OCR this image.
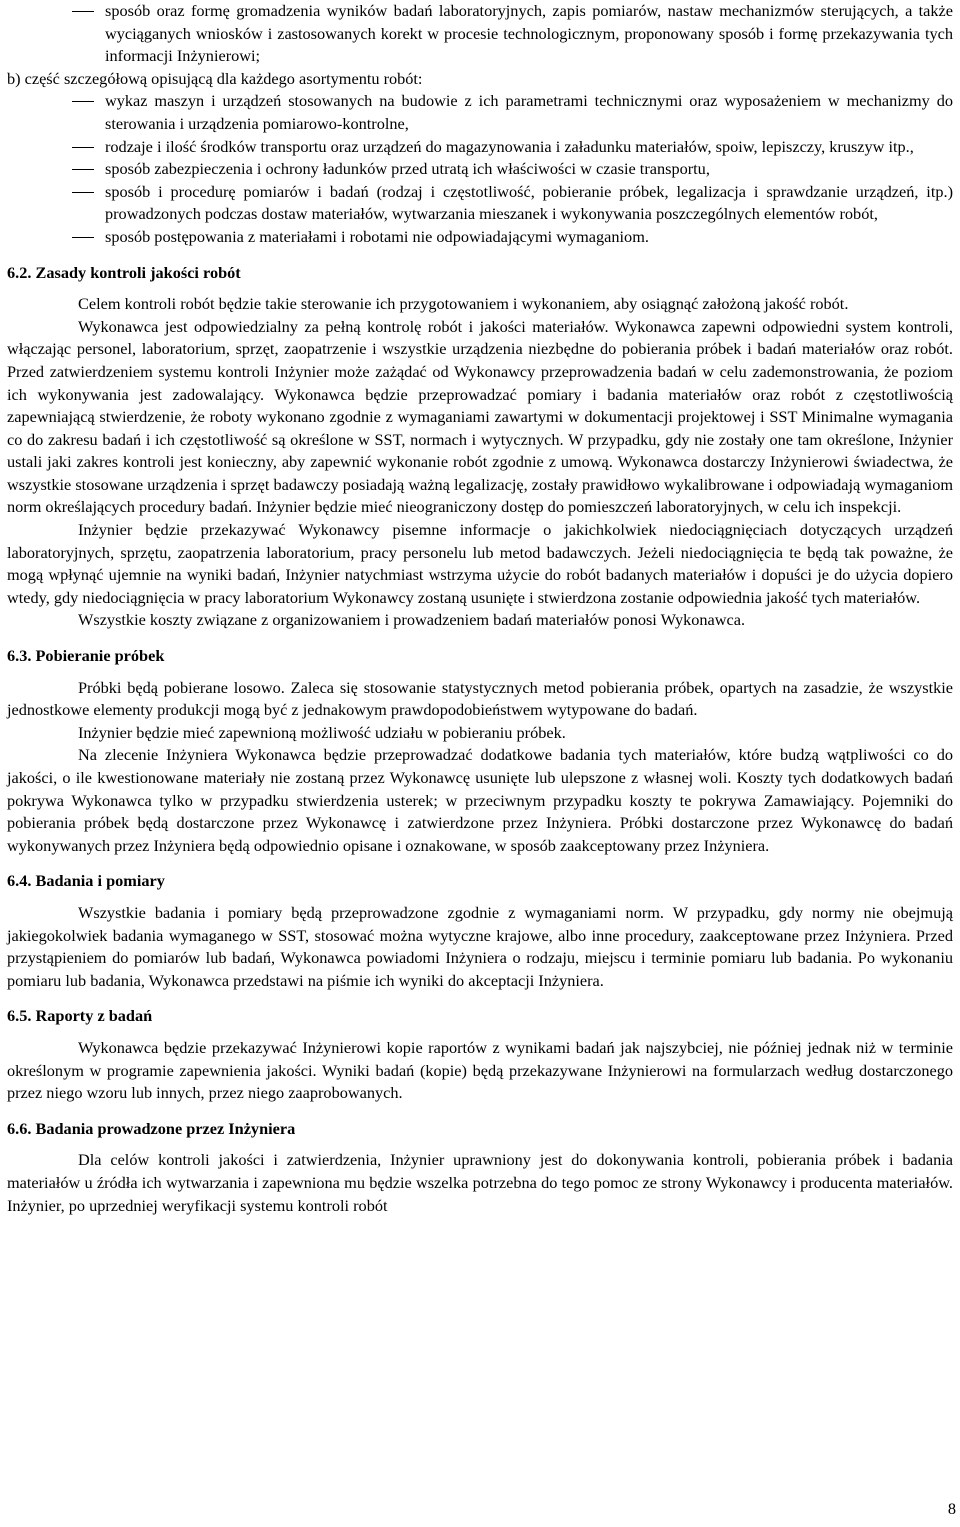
sposób oraz formę gromadzenia wyników badań laboratoryjnych, zapis pomiarów, nastaw mechanizmów sterujących, a także wyciąganych wniosków i zastosowanych korekt w procesie technologicznym, proponowany sposób i formę przekazywania tych informacji Inżynierowi;

b) część szczegółową opisującą dla każdego asortymentu robót:

wykaz maszyn i urządzeń stosowanych na budowie z ich parametrami technicznymi oraz wyposażeniem w mechanizmy do sterowania i urządzenia pomiarowo-kontrolne,
rodzaje i ilość środków transportu oraz urządzeń do magazynowania i załadunku materiałów, spoiw, lepiszczy, kruszyw itp.,
sposób zabezpieczenia i ochrony ładunków przed utratą ich właściwości w czasie transportu,
sposób i procedurę pomiarów i badań (rodzaj i częstotliwość, pobieranie próbek, legalizacja i sprawdzanie urządzeń, itp.) prowadzonych podczas dostaw materiałów, wytwarzania mieszanek i wykonywania poszczególnych elementów robót,
sposób postępowania z materiałami i robotami nie odpowiadającymi wymaganiom.
6.2. Zasady kontroli jakości robót

Celem kontroli robót będzie takie sterowanie ich przygotowaniem i wykonaniem, aby osiągnąć założoną jakość robót.

Wykonawca jest odpowiedzialny za pełną kontrolę robót i jakości materiałów. Wykonawca zapewni odpowiedni system kontroli, włączając personel, laboratorium, sprzęt, zaopatrzenie i wszystkie urządzenia niezbędne do pobierania próbek i badań materiałów oraz robót. Przed zatwierdzeniem systemu kontroli Inżynier może zażądać od Wykonawcy przeprowadzenia badań w celu zademonstrowania, że poziom ich wykonywania jest zadowalający. Wykonawca będzie przeprowadzać pomiary i badania materiałów oraz robót z częstotliwością zapewniającą stwierdzenie, że roboty wykonano zgodnie z wymaganiami zawartymi w dokumentacji projektowej i SST Minimalne wymagania co do zakresu badań i ich częstotliwość są określone w SST, normach i wytycznych. W przypadku, gdy nie zostały one tam określone, Inżynier ustali jaki zakres kontroli jest konieczny, aby zapewnić wykonanie robót zgodnie z umową. Wykonawca dostarczy Inżynierowi świadectwa, że wszystkie stosowane urządzenia i sprzęt badawczy posiadają ważną legalizację, zostały prawidłowo wykalibrowane i odpowiadają wymaganiom norm określających procedury badań. Inżynier będzie mieć nieograniczony dostęp do pomieszczeń laboratoryjnych, w celu ich inspekcji.

Inżynier będzie przekazywać Wykonawcy pisemne informacje o jakichkolwiek niedociągnięciach dotyczących urządzeń laboratoryjnych, sprzętu, zaopatrzenia laboratorium, pracy personelu lub metod badawczych. Jeżeli niedociągnięcia te będą tak poważne, że mogą wpłynąć ujemnie na wyniki badań, Inżynier natychmiast wstrzyma użycie do robót badanych materiałów i dopuści je do użycia dopiero wtedy, gdy niedociągnięcia w pracy laboratorium Wykonawcy zostaną usunięte i stwierdzona zostanie odpowiednia jakość tych materiałów.

Wszystkie koszty związane z organizowaniem i prowadzeniem badań materiałów ponosi Wykonawca.

6.3. Pobieranie próbek

Próbki będą pobierane losowo. Zaleca się stosowanie statystycznych metod pobierania próbek, opartych na zasadzie, że wszystkie jednostkowe elementy produkcji mogą być z jednakowym prawdopodobieństwem wytypowane do badań.

Inżynier będzie mieć zapewnioną możliwość udziału w pobieraniu próbek.

Na zlecenie Inżyniera Wykonawca będzie przeprowadzać dodatkowe badania tych materiałów, które budzą wątpliwości co do jakości, o ile kwestionowane materiały nie zostaną przez Wykonawcę usunięte lub ulepszone z własnej woli. Koszty tych dodatkowych badań pokrywa Wykonawca tylko w przypadku stwierdzenia usterek; w przeciwnym przypadku koszty te pokrywa Zamawiający. Pojemniki do pobierania próbek będą dostarczone przez Wykonawcę i zatwierdzone przez Inżyniera. Próbki dostarczone przez Wykonawcę do badań wykonywanych przez Inżyniera będą odpowiednio opisane i oznakowane, w sposób zaakceptowany przez Inżyniera.

6.4. Badania i pomiary

Wszystkie badania i pomiary będą przeprowadzone zgodnie z wymaganiami norm. W przypadku, gdy normy nie obejmują jakiegokolwiek badania wymaganego w SST, stosować można wytyczne krajowe, albo inne procedury, zaakceptowane przez Inżyniera. Przed przystąpieniem do pomiarów lub badań, Wykonawca powiadomi Inżyniera o rodzaju, miejscu i terminie pomiaru lub badania. Po wykonaniu pomiaru lub badania, Wykonawca przedstawi na piśmie ich wyniki do akceptacji Inżyniera.

6.5. Raporty z badań

Wykonawca będzie przekazywać Inżynierowi kopie raportów z wynikami badań jak najszybciej, nie później jednak niż w terminie określonym w programie zapewnienia jakości. Wyniki badań (kopie) będą przekazywane Inżynierowi na formularzach według dostarczonego przez niego wzoru lub innych, przez niego zaaprobowanych.

6.6. Badania prowadzone przez Inżyniera

Dla celów kontroli jakości i zatwierdzenia, Inżynier uprawniony jest do dokonywania kontroli, pobierania próbek i badania materiałów u źródła ich wytwarzania i zapewniona mu będzie wszelka potrzebna do tego pomoc ze strony Wykonawcy i producenta materiałów. Inżynier, po uprzedniej weryfikacji systemu kontroli robót

8
